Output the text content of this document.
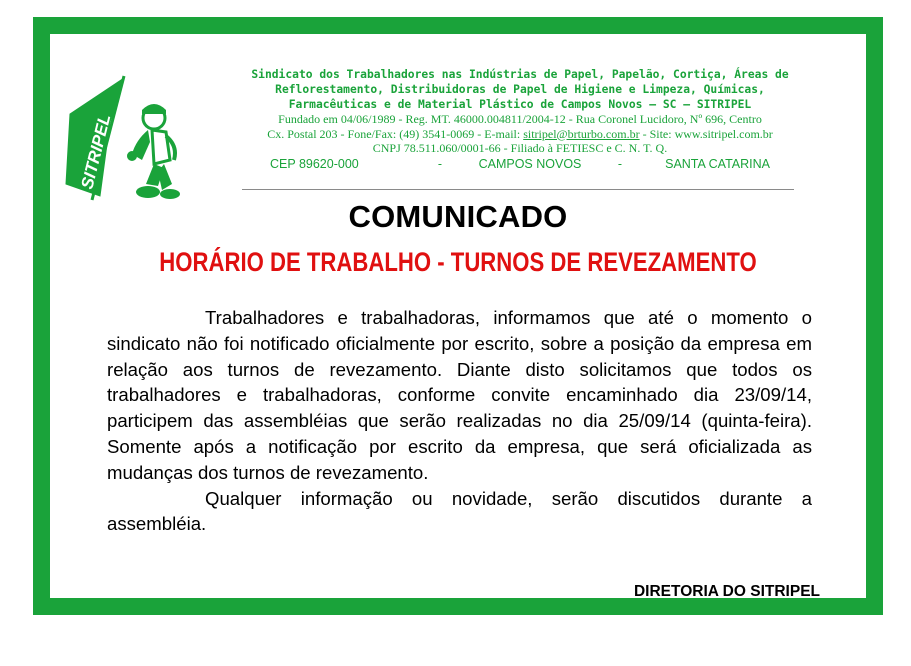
SITRIPEL
Sindicato dos Trabalhadores nas Indústrias de Papel, Papelão, Cortiça, Áreas de
Reflorestamento, Distribuidoras de Papel de Higiene e Limpeza, Químicas,
Farmacêuticas e de Material Plástico de Campos Novos – SC – SITRIPEL
Fundado em 04/06/1989 - Reg. MT. 46000.004811/2004-12 - Rua Coronel Lucidoro, Nº 696, Centro
Cx. Postal 203 - Fone/Fax: (49) 3541-0069 - E-mail: sitripel@brturbo.com.br - Site: www.sitripel.com.br
CNPJ 78.511.060/0001-66 - Filiado à FETIESC e C. N. T. Q.
CEP 89620-000	-	CAMPOS NOVOS	-	SANTA CATARINA
COMUNICADO
HORÁRIO DE TRABALHO - TURNOS DE REVEZAMENTO

Trabalhadores e trabalhadoras, informamos que até o momento o sindicato não foi notificado oficialmente por escrito, sobre a posição da empresa em relação aos turnos de revezamento. Diante disto solicitamos que todos os trabalhadores e trabalhadoras, conforme convite encaminhado dia 23/09/14, participem das assembléias que serão realizadas no dia 25/09/14 (quinta-feira). Somente após a notificação por escrito da empresa, que será oficializada as mudanças dos turnos de revezamento.

Qualquer informação ou novidade, serão discutidos durante a assembléia.

DIRETORIA DO SITRIPEL
